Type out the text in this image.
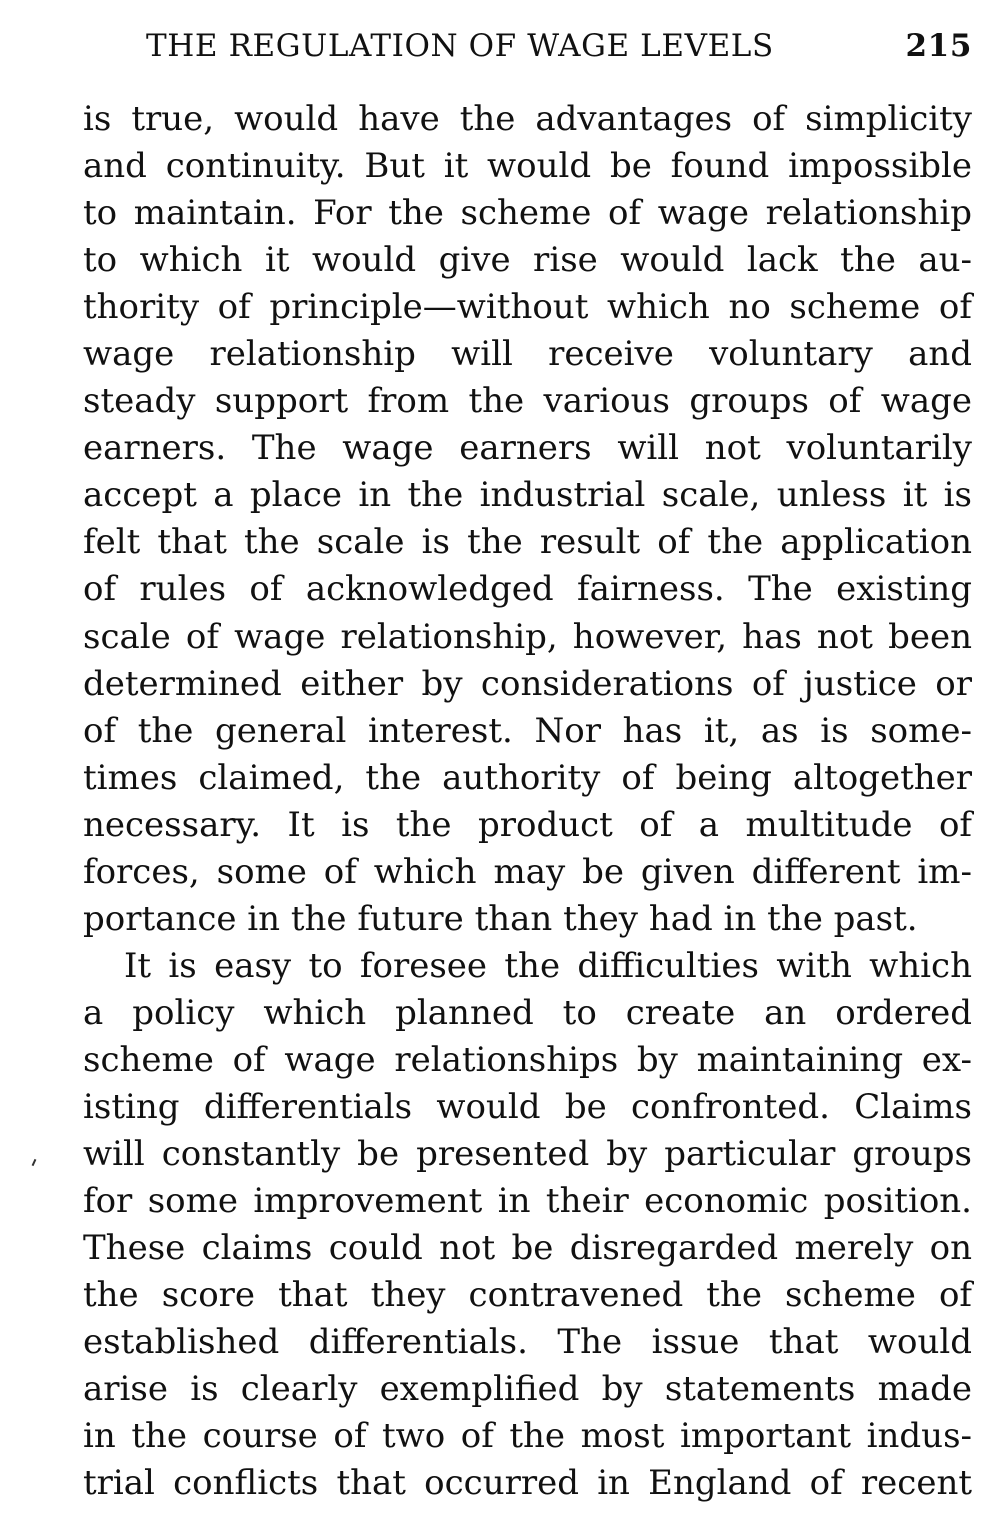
THE REGULATION OF WAGE LEVELS	215
is true, would have the advantages of simplicity
and continuity. But it would be found impossible
to maintain. For the scheme of wage relationship
to which it would give rise would lack the au-
thority of principle—without which no scheme of
wage relationship will receive voluntary and
steady support from the various groups of wage
earners. The wage earners will not voluntarily
accept a place in the industrial scale, unless it is
felt that the scale is the result of the application
of rules of acknowledged fairness. The existing
scale of wage relationship, however, has not been
determined either by considerations of justice or
of the general interest. Nor has it, as is some-
times claimed, the authority of being altogether
necessary. It is the product of a multitude of
forces, some of which may be given different im-
portance in the future than they had in the past.
It is easy to foresee the difficulties with which
a policy which planned to create an ordered
scheme of wage relationships by maintaining ex-
isting differentials would be confronted. Claims
will constantly be presented by particular groups
for some improvement in their economic position.
These claims could not be disregarded merely on
the score that they contravened the scheme of
established differentials. The issue that would
arise is clearly exemplified by statements made
in the course of two of the most important indus-
trial conflicts that occurred in England of recent
